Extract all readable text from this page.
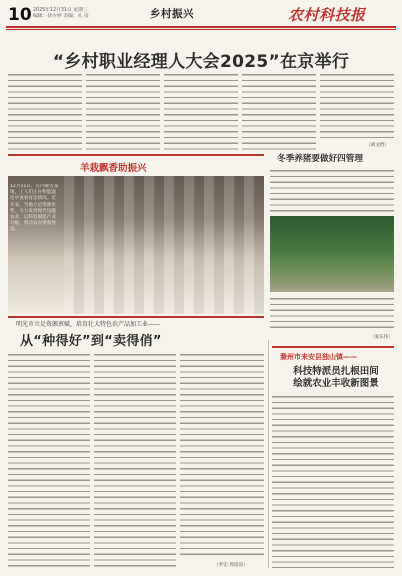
10 2025年12月31日 星期三
编辑：徐少婷 美编：孔 彦	乡村振兴	农村科技报
“乡村职业经理人大会2025”在京举行
（刘文哲）
羊栽飘香助振兴
12月11日，在内蒙古某地，工人们正在智能温室中查看育苗情况。近年来，当地立足资源优势，大力发展现代设施农业，以科技赋能产业升级，带动农民增收致富。
王宏宇 摄
冬季养猪要做好四管理
（张东伟）
明光市立足资源禀赋，培育壮大特色农产品加工业——
从“种得好”到“卖得俏”
（罗宏 周茵茵）
滁州市来安县独山镇——
科技特派员扎根田间
绘就农业丰收新图景
